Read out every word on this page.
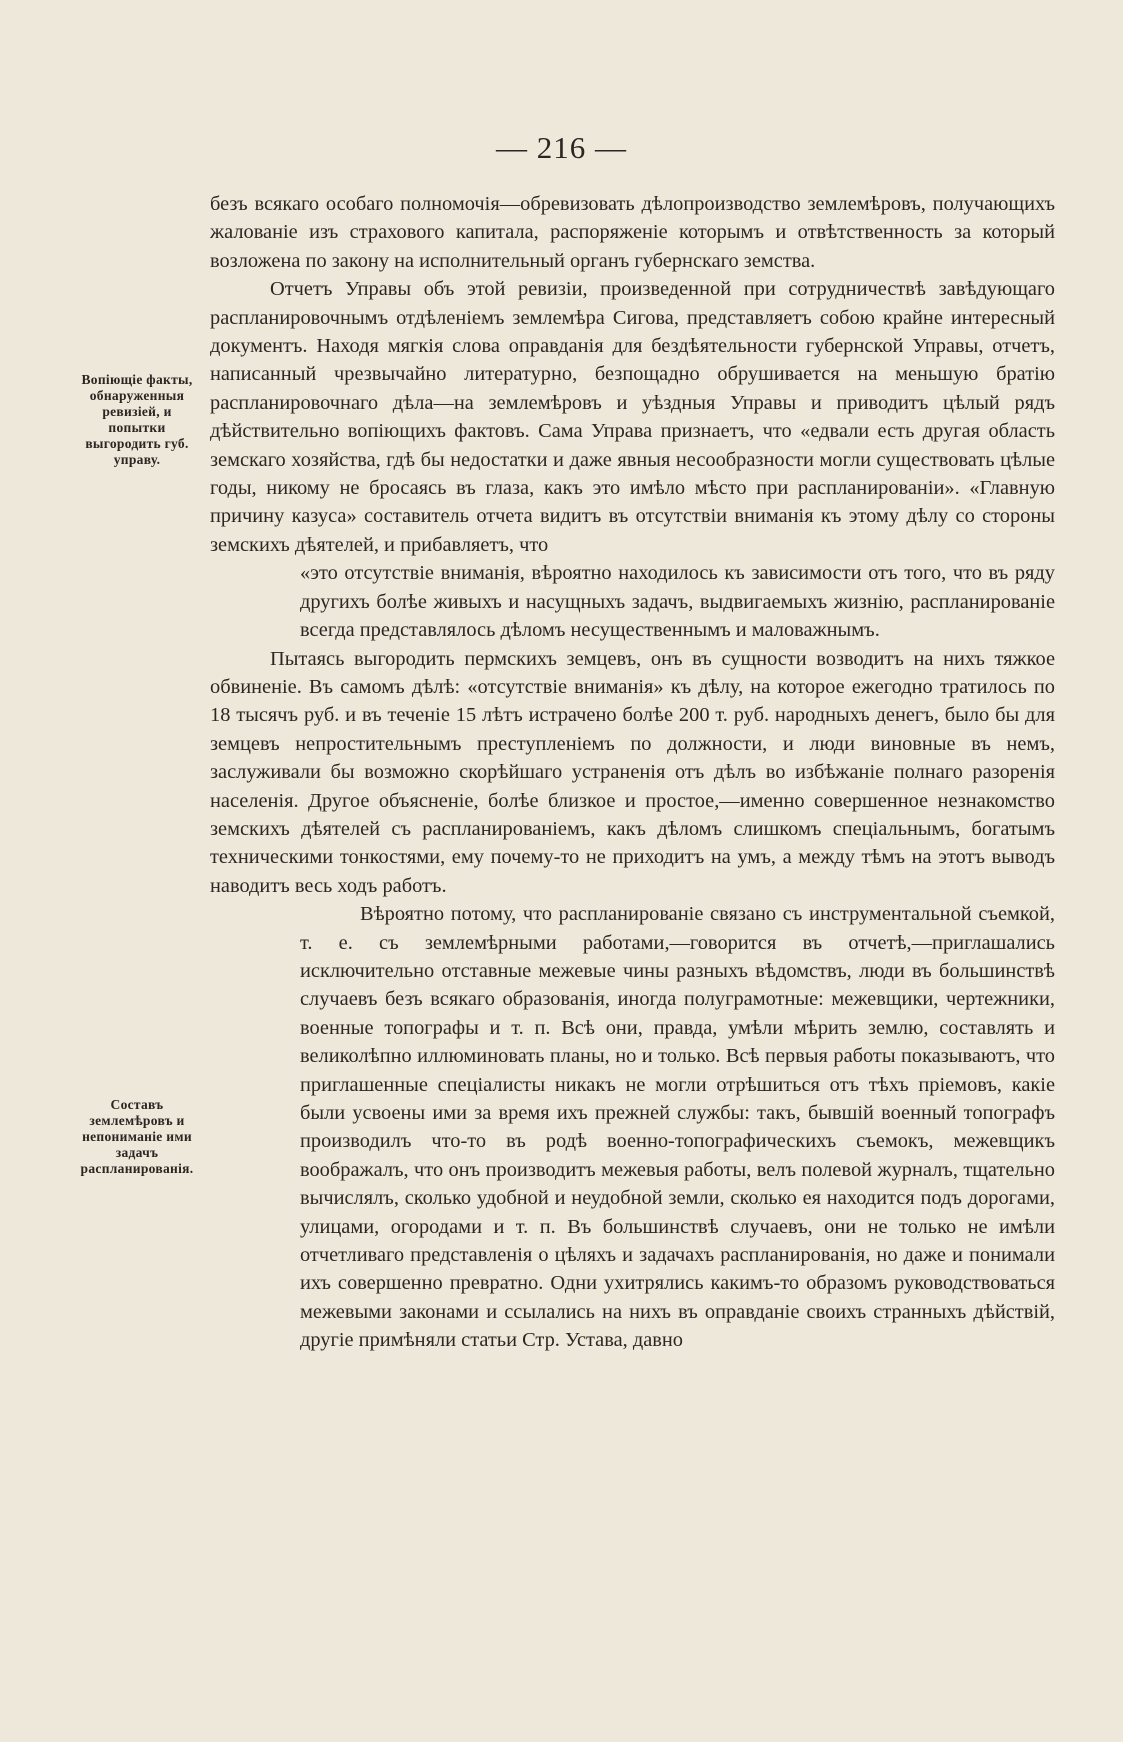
— 216 —
Вопіющіе факты, обнаруженныя ревизіей, и попытки выгородить губ. управу.
Составъ землемѣровъ и непониманіе ими задачъ распланированія.

безъ всякаго особаго полномочія—обревизовать дѣлопроизводство землемѣровъ, получающихъ жалованіе изъ страхового капитала, распоряженіе которымъ и отвѣтственность за который возложена по закону на исполнительный органъ губернскаго земства.

Отчетъ Управы объ этой ревизіи, произведенной при сотрудничествѣ завѣдующаго распланировочнымъ отдѣленіемъ землемѣра Сигова, представляетъ собою крайне интересный документъ. Находя мягкія слова оправданія для бездѣятельности губернской Управы, отчетъ, написанный чрезвычайно литературно, безпощадно обрушивается на меньшую братію распланировочнаго дѣла—на землемѣровъ и уѣздныя Управы и приводитъ цѣлый рядъ дѣйствительно вопіющихъ фактовъ. Сама Управа признаетъ, что «едвали есть другая область земскаго хозяйства, гдѣ бы недостатки и даже явныя несообразности могли существовать цѣлые годы, никому не бросаясь въ глаза, какъ это имѣло мѣсто при распланированіи». «Главную причину казуса» составитель отчета видитъ въ отсутствіи вниманія къ этому дѣлу со стороны земскихъ дѣятелей, и прибавляетъ, что

«это отсутствіе вниманія, вѣроятно находилось къ зависимости отъ того, что въ ряду другихъ болѣе живыхъ и насущныхъ задачъ, выдвигаемыхъ жизнію, распланированіе всегда представлялось дѣломъ несущественнымъ и маловажнымъ.

Пытаясь выгородить пермскихъ земцевъ, онъ въ сущности возводитъ на нихъ тяжкое обвиненіе. Въ самомъ дѣлѣ: «отсутствіе вниманія» къ дѣлу, на которое ежегодно тратилось по 18 тысячъ руб. и въ теченіе 15 лѣтъ истрачено болѣе 200 т. руб. народныхъ денегъ, было бы для земцевъ непростительнымъ преступленіемъ по должности, и люди виновные въ немъ, заслуживали бы возможно скорѣйшаго устраненія отъ дѣлъ во избѣжаніе полнаго разоренія населенія. Другое объясненіе, болѣе близкое и простое,—именно совершенное незнакомство земскихъ дѣятелей съ распланированіемъ, какъ дѣломъ слишкомъ спеціальнымъ, богатымъ техническими тонкостями, ему почему-то не приходитъ на умъ, а между тѣмъ на этотъ выводъ наводитъ весь ходъ работъ.

Вѣроятно потому, что распланированіе связано съ инструментальной съемкой, т. е. съ землемѣрными работами,—говорится въ отчетѣ,—приглашались исключительно отставные межевые чины разныхъ вѣдомствъ, люди въ большинствѣ случаевъ безъ всякаго образованія, иногда полуграмотные: межевщики, чертежники, военные топографы и т. п. Всѣ они, правда, умѣли мѣрить землю, составлять и великолѣпно иллюминовать планы, но и только. Всѣ первыя работы показываютъ, что приглашенные спеціалисты никакъ не могли отрѣшиться отъ тѣхъ пріемовъ, какіе были усвоены ими за время ихъ прежней службы: такъ, бывшій военный топографъ производилъ что-то въ родѣ военно-топографическихъ съемокъ, межевщикъ воображалъ, что онъ производитъ межевыя работы, велъ полевой журналъ, тщательно вычислялъ, сколько удобной и неудобной земли, сколько ея находится подъ дорогами, улицами, огородами и т. п. Въ большинствѣ случаевъ, они не только не имѣли отчетливаго представленія о цѣляхъ и задачахъ распланированія, но даже и понимали ихъ совершенно превратно. Одни ухитрялись какимъ-то образомъ руководствоваться межевыми законами и ссылались на нихъ въ оправданіе своихъ странныхъ дѣйствій, другіе примѣняли статьи Стр. Устава, давно
